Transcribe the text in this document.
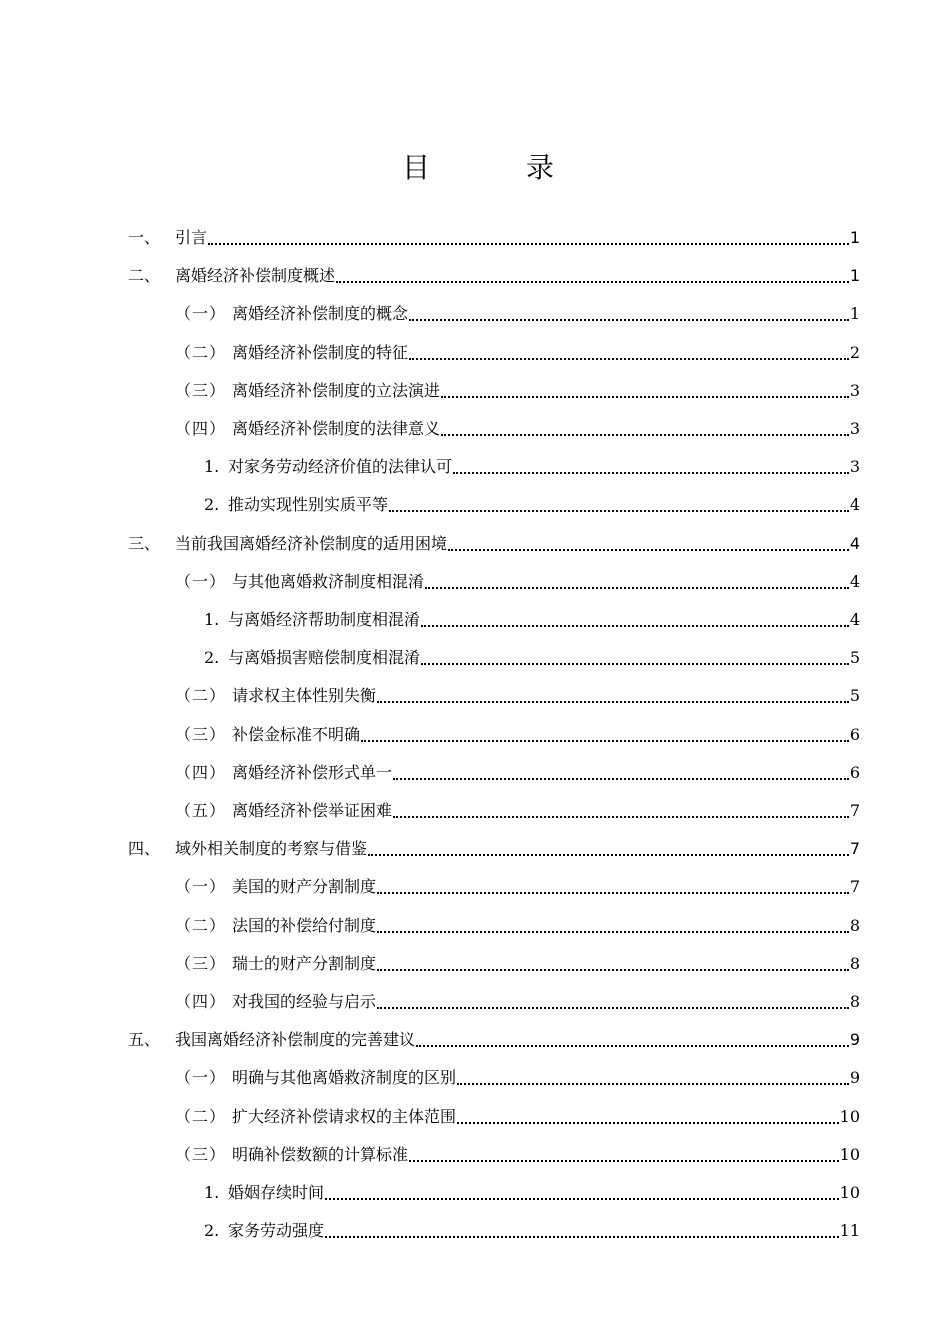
目　录
一、 引言	1
二、 离婚经济补偿制度概述	1
（一） 离婚经济补偿制度的概念	1
（二） 离婚经济补偿制度的特征	2
（三） 离婚经济补偿制度的立法演进	3
（四） 离婚经济补偿制度的法律意义	3
1. 对家务劳动经济价值的法律认可	3
2. 推动实现性别实质平等	4
三、 当前我国离婚经济补偿制度的适用困境	4
（一） 与其他离婚救济制度相混淆	4
1. 与离婚经济帮助制度相混淆	4
2. 与离婚损害赔偿制度相混淆	5
（二） 请求权主体性别失衡	5
（三） 补偿金标准不明确	6
（四） 离婚经济补偿形式单一	6
（五） 离婚经济补偿举证困难	7
四、 域外相关制度的考察与借鉴	7
（一） 美国的财产分割制度	7
（二） 法国的补偿给付制度	8
（三） 瑞士的财产分割制度	8
（四） 对我国的经验与启示	8
五、 我国离婚经济补偿制度的完善建议	9
（一） 明确与其他离婚救济制度的区别	9
（二） 扩大经济补偿请求权的主体范围	10
（三） 明确补偿数额的计算标准	10
1. 婚姻存续时间	10
2. 家务劳动强度	11
